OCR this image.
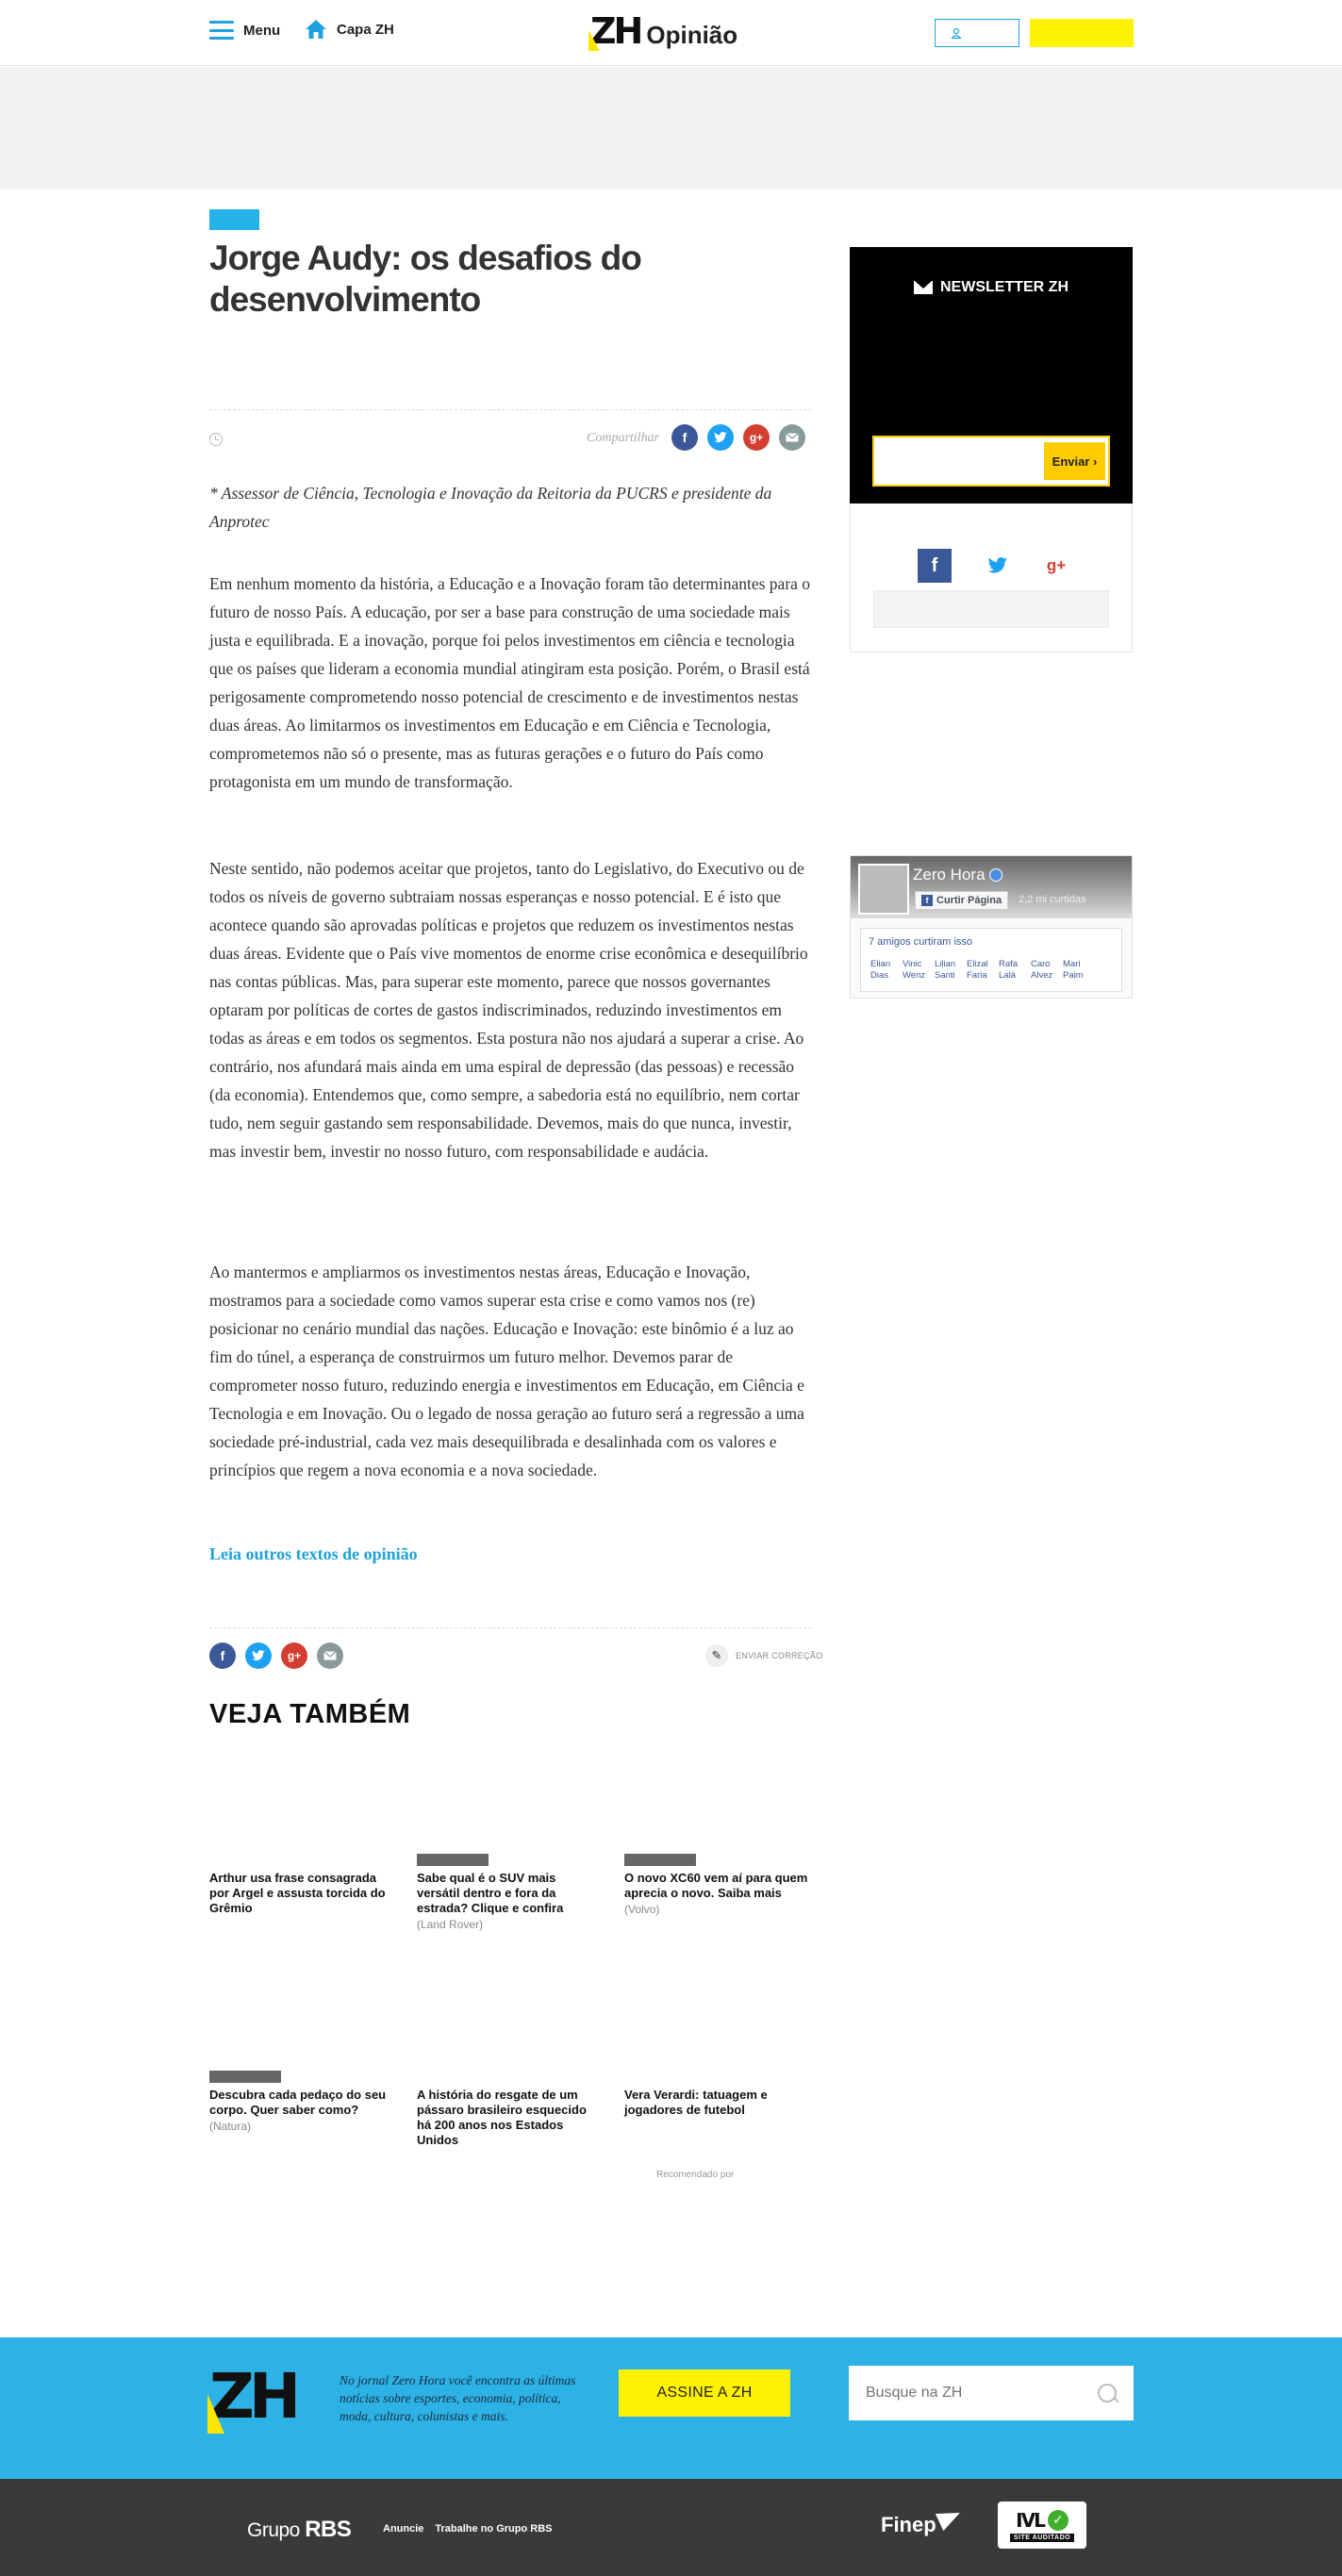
Menu	Capa ZH	ZH Opinião
Jorge Audy: os desafios do desenvolvimento
Compartilhar	f	g+

* Assessor de Ciência, Tecnologia e Inovação da Reitoria da PUCRS e presidente da Anprotec

Em nenhum momento da história, a Educação e a Inovação foram tão determinantes para o futuro de nosso País. A educação, por ser a base para construção de uma sociedade mais justa e equilibrada. E a inovação, porque foi pelos investimentos em ciência e tecnologia que os países que lideram a economia mundial atingiram esta posição. Porém, o Brasil está perigosamente comprometendo nosso potencial de crescimento e de investimentos nestas duas áreas. Ao limitarmos os investimentos em Educação e em Ciência e Tecnologia, comprometemos não só o presente, mas as futuras gerações e o futuro do País como protagonista em um mundo de transformação.

Neste sentido, não podemos aceitar que projetos, tanto do Legislativo, do Executivo ou de todos os níveis de governo subtraiam nossas esperanças e nosso potencial. E é isto que acontece quando são aprovadas políticas e projetos que reduzem os investimentos nestas duas áreas. Evidente que o País vive momentos de enorme crise econômica e desequilíbrio nas contas públicas. Mas, para superar este momento, parece que nossos governantes optaram por políticas de cortes de gastos indiscriminados, reduzindo investimentos em todas as áreas e em todos os segmentos. Esta postura não nos ajudará a superar a crise. Ao contrário, nos afundará mais ainda em uma espiral de depressão (das pessoas) e recessão (da economia). Entendemos que, como sempre, a sabedoria está no equilíbrio, nem cortar tudo, nem seguir gastando sem responsabilidade. Devemos, mais do que nunca, investir, mas investir bem, investir no nosso futuro, com responsabilidade e audácia.

Ao mantermos e ampliarmos os investimentos nestas áreas, Educação e Inovação, mostramos para a sociedade como vamos superar esta crise e como vamos nos (re) posicionar no cenário mundial das nações. Educação e Inovação: este binômio é a luz ao fim do túnel, a esperança de construirmos um futuro melhor. Devemos parar de comprometer nosso futuro, reduzindo energia e investimentos em Educação, em Ciência e Tecnologia e em Inovação. Ou o legado de nossa geração ao futuro será a regressão a uma sociedade pré-industrial, cada vez mais desequilibrada e desalinhada com os valores e princípios que regem a nova economia e a nova sociedade.

Leia outros textos de opinião
f	g+	✎	ENVIAR CORREÇÃO
VEJA TAMBÉM
Arthur usa frase consagrada por Argel e assusta torcida do Grêmio
Sabe qual é o SUV mais versátil dentro e fora da estrada? Clique e confira
(Land Rover)
O novo XC60 vem aí para quem aprecia o novo. Saiba mais
(Volvo)
Descubra cada pedaço do seu corpo. Quer saber como?
(Natura)
A história do resgate de um pássaro brasileiro esquecido há 200 anos nos Estados Unidos
Vera Verardi: tatuagem e jogadores de futebol
Recomendado por
NEWSLETTER ZH
Enviar ›
f	g+
Zero Hora
f Curtir Página 2,2 mi curtidas
7 amigos curtiram isso
Elian
Dias
Vinic
Wenz
Lilian
Santi
Elizal
Faria
Rafa
Lalá
Caro
Alvez
Mari
Paim
ZH	No jornal Zero Hora você encontra as últimas notícias sobre esportes, economia, política, moda, cultura, colunistas e mais.

ASSINE A ZH
Busque na ZH
Grupo RBS	Anuncie Trabalhe no Grupo RBS	Finep	IVL ✓
SITE AUDITADO
